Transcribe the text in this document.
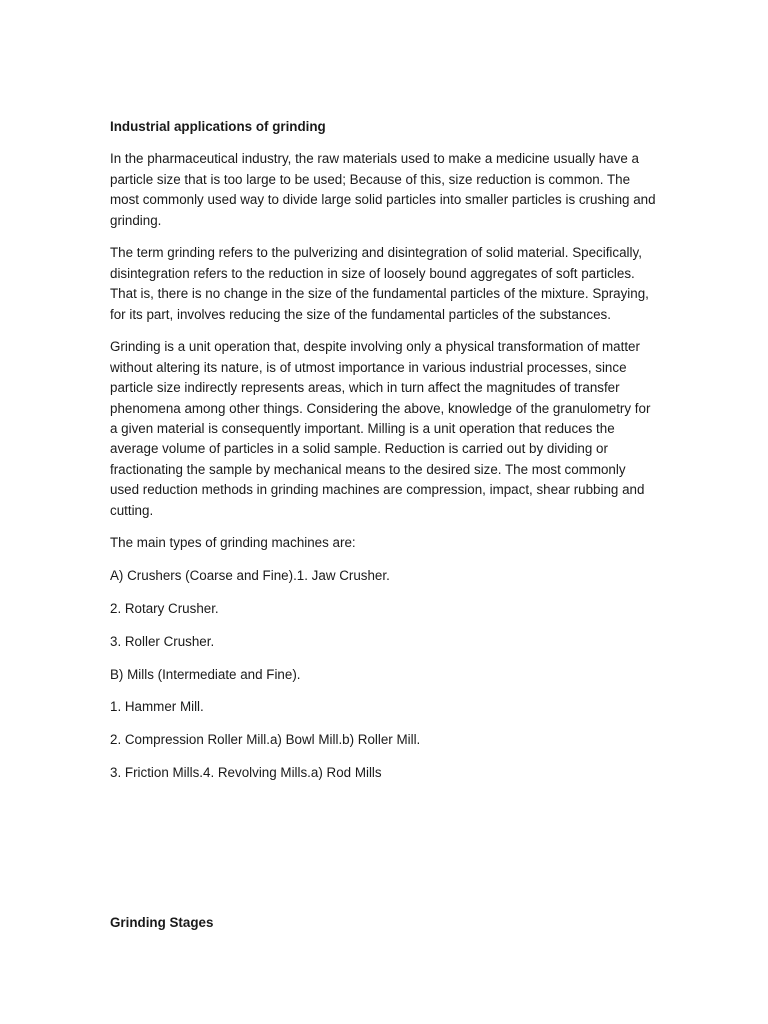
Industrial applications of grinding

In the pharmaceutical industry, the raw materials used to make a medicine usually have a particle size that is too large to be used; Because of this, size reduction is common. The most commonly used way to divide large solid particles into smaller particles is crushing and grinding.

The term grinding refers to the pulverizing and disintegration of solid material. Specifically, disintegration refers to the reduction in size of loosely bound aggregates of soft particles. That is, there is no change in the size of the fundamental particles of the mixture. Spraying, for its part, involves reducing the size of the fundamental particles of the substances.

Grinding is a unit operation that, despite involving only a physical transformation of matter without altering its nature, is of utmost importance in various industrial processes, since particle size indirectly represents areas, which in turn affect the magnitudes of transfer phenomena among other things. Considering the above, knowledge of the granulometry for a given material is consequently important. Milling is a unit operation that reduces the average volume of particles in a solid sample. Reduction is carried out by dividing or fractionating the sample by mechanical means to the desired size. The most commonly used reduction methods in grinding machines are compression, impact, shear rubbing and cutting.

The main types of grinding machines are:

A) Crushers (Coarse and Fine).1. Jaw Crusher.

2. Rotary Crusher.

3. Roller Crusher.

B) Mills (Intermediate and Fine).

1. Hammer Mill.

2. Compression Roller Mill.a) Bowl Mill.b) Roller Mill.

3. Friction Mills.4. Revolving Mills.a) Rod Mills

Grinding Stages
